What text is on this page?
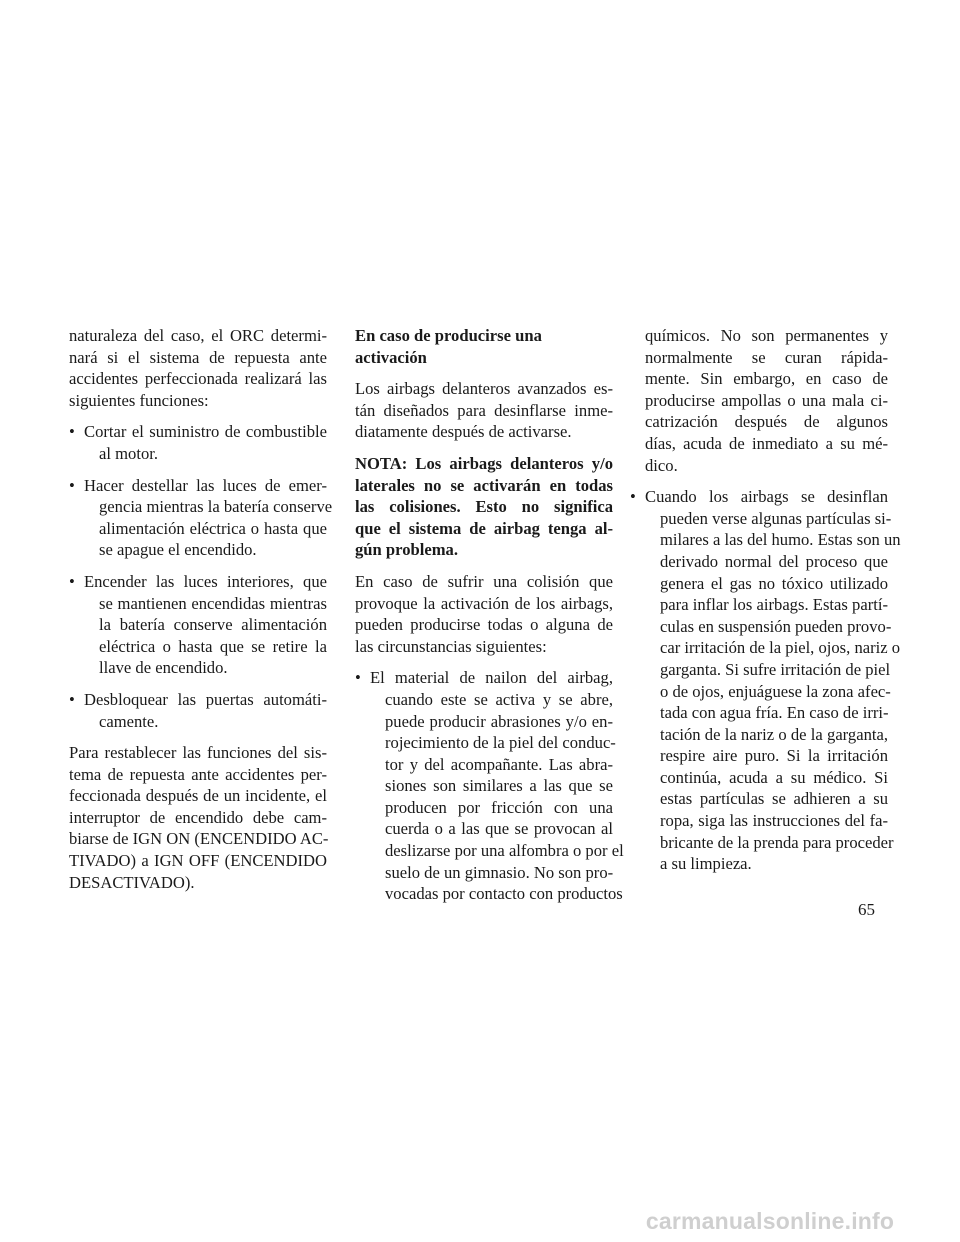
naturaleza del caso, el ORC determi-
nará si el sistema de repuesta ante
accidentes perfeccionada realizará las
siguientes funciones:
• Cortar el suministro de combustible
al motor.
• Hacer destellar las luces de emer-
gencia mientras la batería conserve
alimentación eléctrica o hasta que
se apague el encendido.
• Encender las luces interiores, que
se mantienen encendidas mientras
la batería conserve alimentación
eléctrica o hasta que se retire la
llave de encendido.
• Desbloquear las puertas automáti-
camente.
Para restablecer las funciones del sis-
tema de repuesta ante accidentes per-
feccionada después de un incidente, el
interruptor de encendido debe cam-
biarse de IGN ON (ENCENDIDO AC-
TIVADO) a IGN OFF (ENCENDIDO
DESACTIVADO).
En caso de producirse una
activación
Los airbags delanteros avanzados es-
tán diseñados para desinflarse inme-
diatamente después de activarse.
NOTA: Los airbags delanteros y/o
laterales no se activarán en todas
las colisiones. Esto no significa
que el sistema de airbag tenga al-
gún problema.
En caso de sufrir una colisión que
provoque la activación de los airbags,
pueden producirse todas o alguna de
las circunstancias siguientes:
• El material de nailon del airbag,
cuando este se activa y se abre,
puede producir abrasiones y/o en-
rojecimiento de la piel del conduc-
tor y del acompañante. Las abra-
siones son similares a las que se
producen por fricción con una
cuerda o a las que se provocan al
deslizarse por una alfombra o por el
suelo de un gimnasio. No son pro-
vocadas por contacto con productos
químicos. No son permanentes y
normalmente se curan rápida-
mente. Sin embargo, en caso de
producirse ampollas o una mala ci-
catrización después de algunos
días, acuda de inmediato a su mé-
dico.
• Cuando los airbags se desinflan
pueden verse algunas partículas si-
milares a las del humo. Estas son un
derivado normal del proceso que
genera el gas no tóxico utilizado
para inflar los airbags. Estas partí-
culas en suspensión pueden provo-
car irritación de la piel, ojos, nariz o
garganta. Si sufre irritación de piel
o de ojos, enjuáguese la zona afec-
tada con agua fría. En caso de irri-
tación de la nariz o de la garganta,
respire aire puro. Si la irritación
continúa, acuda a su médico. Si
estas partículas se adhieren a su
ropa, siga las instrucciones del fa-
bricante de la prenda para proceder
a su limpieza.
65
carmanualsonline.info
